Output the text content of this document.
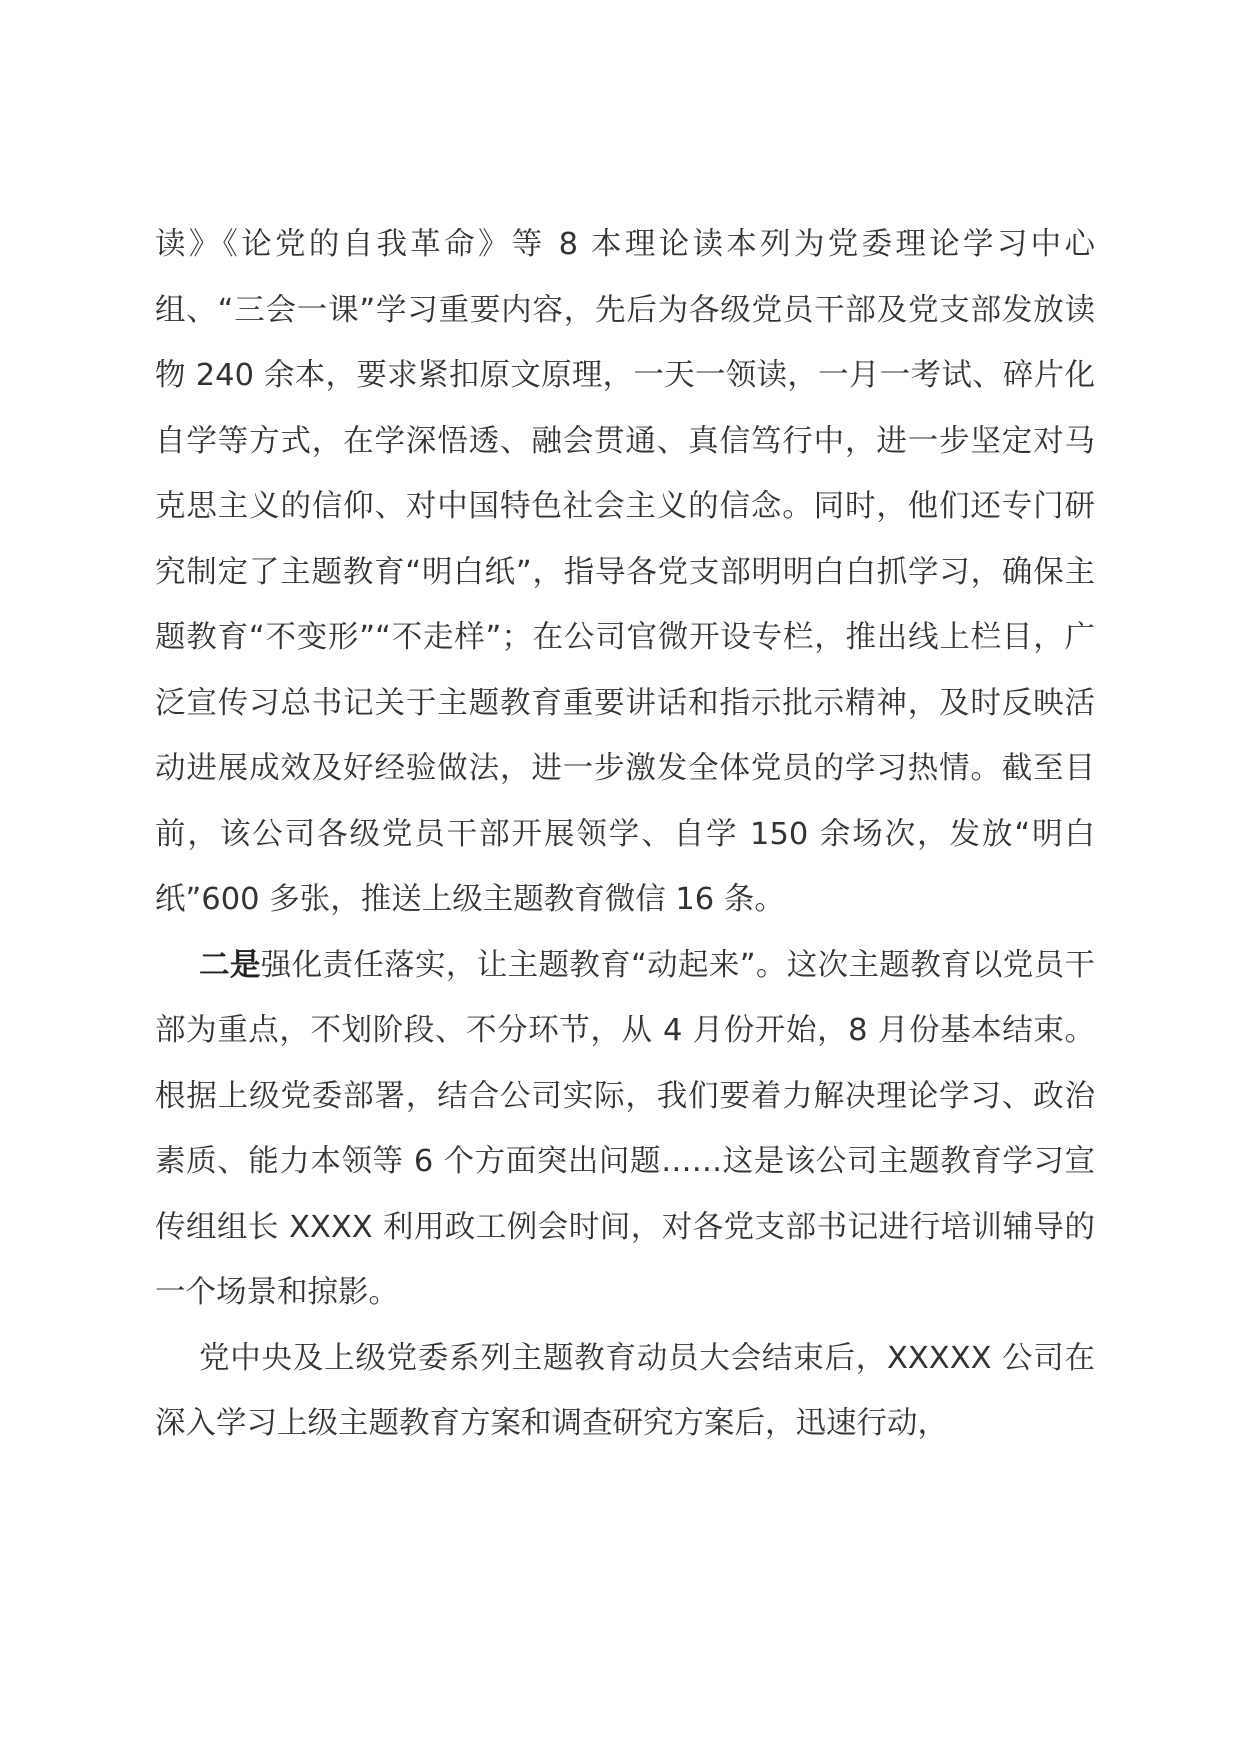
读》《论党的自我革命》等 8 本理论读本列为党委理论学习中心组、“三会一课”学习重要内容，先后为各级党员干部及党支部发放读物 240 余本，要求紧扣原文原理，一天一领读，一月一考试、碎片化自学等方式，在学深悟透、融会贯通、真信笃行中，进一步坚定对马克思主义的信仰、对中国特色社会主义的信念。同时，他们还专门研究制定了主题教育“明白纸”，指导各党支部明明白白抓学习，确保主题教育“不变形”“不走样”；在公司官微开设专栏，推出线上栏目，广泛宣传习总书记关于主题教育重要讲话和指示批示精神，及时反映活动进展成效及好经验做法，进一步激发全体党员的学习热情。截至目前，该公司各级党员干部开展领学、自学 150 余场次，发放“明白纸”600 多张，推送上级主题教育微信 16 条。

二是强化责任落实，让主题教育“动起来”。这次主题教育以党员干部为重点，不划阶段、不分环节，从 4 月份开始，8 月份基本结束。根据上级党委部署，结合公司实际，我们要着力解决理论学习、政治素质、能力本领等 6 个方面突出问题……这是该公司主题教育学习宣传组组长 XXXX 利用政工例会时间，对各党支部书记进行培训辅导的一个场景和掠影。

党中央及上级党委系列主题教育动员大会结束后，XXXXX 公司在深入学习上级主题教育方案和调查研究方案后，迅速行动，
